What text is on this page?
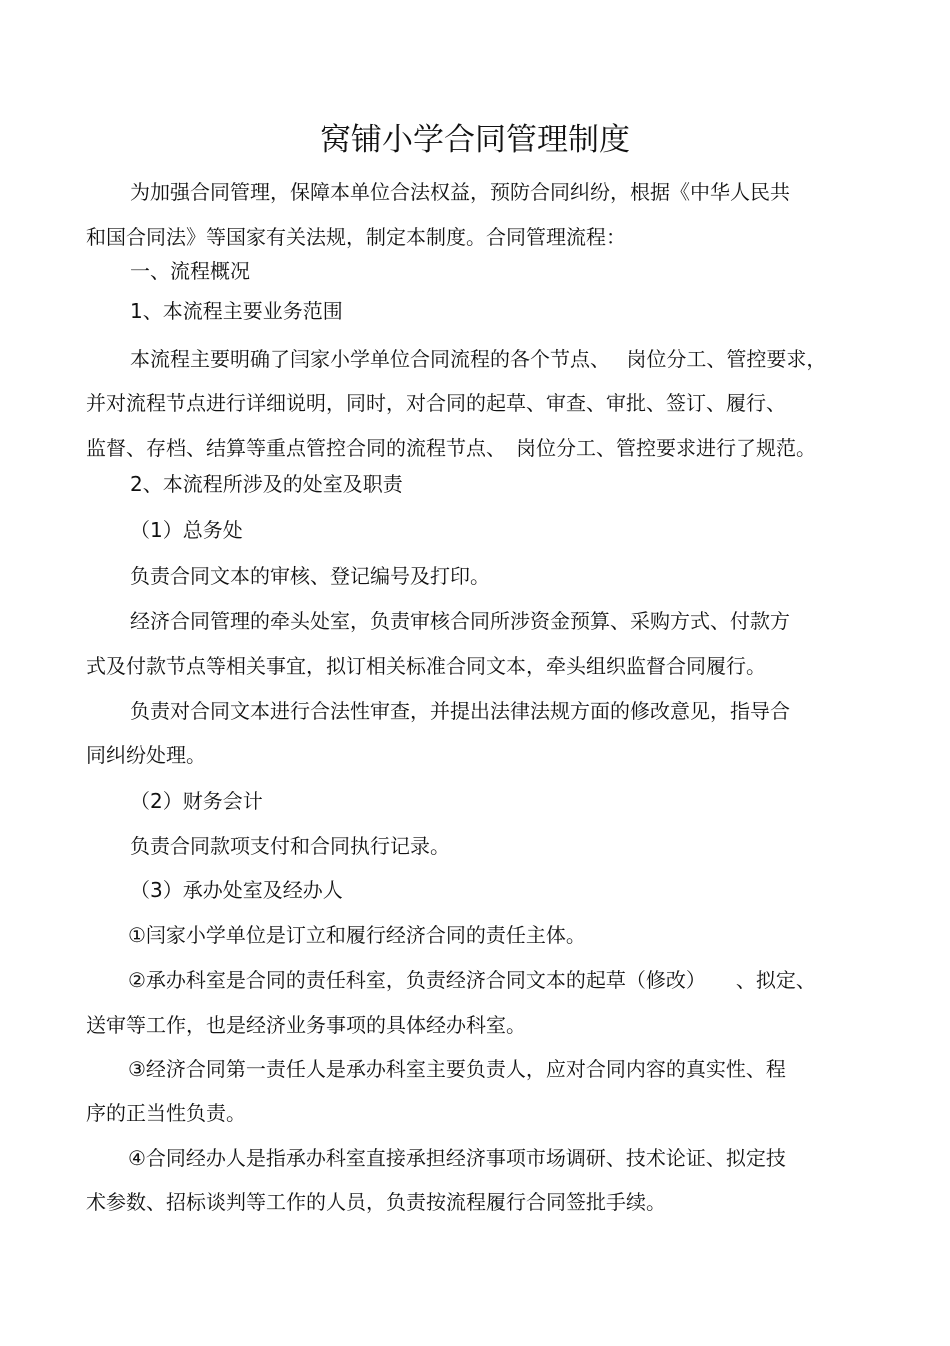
窝铺小学合同管理制度
为加强合同管理，保障本单位合法权益，预防合同纠纷，根据《中华人民共
和国合同法》等国家有关法规，制定本制度。合同管理流程：
一、流程概况
1、本流程主要业务范围
本流程主要明确了闫家小学单位合同流程的各个节点、　 岗位分工、管控要求，
并对流程节点进行详细说明，同时，对合同的起草、审查、审批、签订、履行、
监督、存档、结算等重点管控合同的流程节点、　岗位分工、管控要求进行了规范。
2、本流程所涉及的处室及职责
（1）总务处
负责合同文本的审核、登记编号及打印。
经济合同管理的牵头处室，负责审核合同所涉资金预算、采购方式、付款方
式及付款节点等相关事宜，拟订相关标准合同文本，牵头组织监督合同履行。
负责对合同文本进行合法性审查，并提出法律法规方面的修改意见，指导合
同纠纷处理。
（2）财务会计
负责合同款项支付和合同执行记录。
（3）承办处室及经办人
①闫家小学单位是订立和履行经济合同的责任主体。
②承办科室是合同的责任科室，负责经济合同文本的起草（修改）　　、拟定、
送审等工作，也是经济业务事项的具体经办科室。
③经济合同第一责任人是承办科室主要负责人，应对合同内容的真实性、程
序的正当性负责。
④合同经办人是指承办科室直接承担经济事项市场调研、技术论证、拟定技
术参数、招标谈判等工作的人员，负责按流程履行合同签批手续。
